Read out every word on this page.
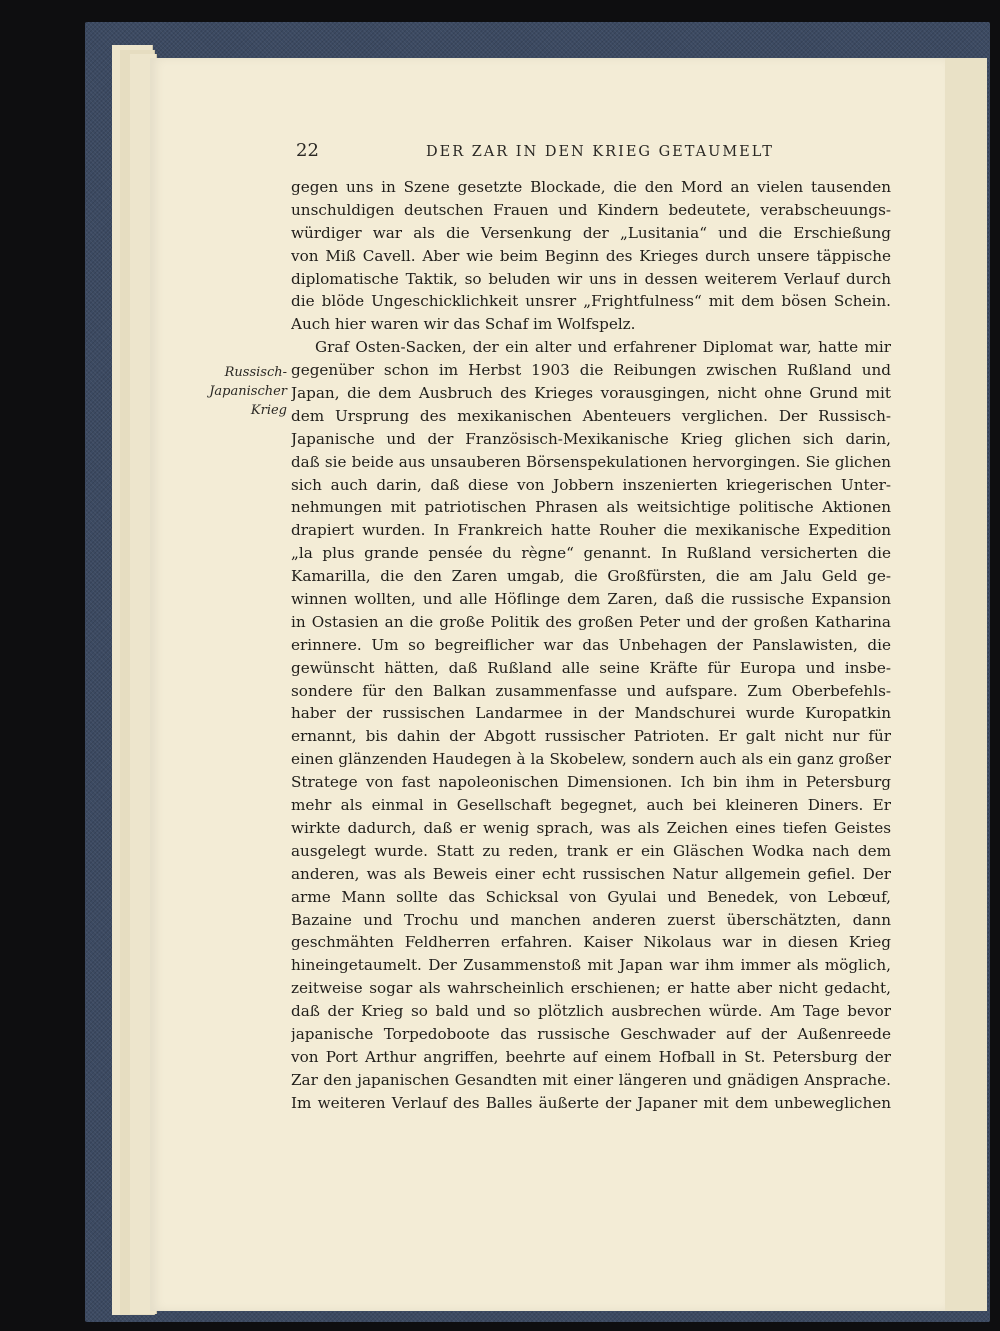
22	DER ZAR IN DEN KRIEG GETAUMELT
Russisch-
Japanischer
Krieg
gegen uns in Szene gesetzte Blockade, die den Mord an vielen tausenden
unschuldigen deutschen Frauen und Kindern bedeutete, verabscheuungs-
würdiger war als die Versenkung der „Lusitania“ und die Erschießung
von Miß Cavell. Aber wie beim Beginn des Krieges durch unsere täppische
diplomatische Taktik, so beluden wir uns in dessen weiterem Verlauf durch
die blöde Ungeschicklichkeit unsrer „Frightfulness“ mit dem bösen Schein.
Auch hier waren wir das Schaf im Wolfspelz.
Graf Osten-Sacken, der ein alter und erfahrener Diplomat war, hatte mir
gegenüber schon im Herbst 1903 die Reibungen zwischen Rußland und
Japan, die dem Ausbruch des Krieges vorausgingen, nicht ohne Grund mit
dem Ursprung des mexikanischen Abenteuers verglichen. Der Russisch-
Japanische und der Französisch-Mexikanische Krieg glichen sich darin,
daß sie beide aus unsauberen Börsenspekulationen hervorgingen. Sie glichen
sich auch darin, daß diese von Jobbern inszenierten kriegerischen Unter-
nehmungen mit patriotischen Phrasen als weitsichtige politische Aktionen
drapiert wurden. In Frankreich hatte Rouher die mexikanische Expedition
„la plus grande pensée du règne“ genannt. In Rußland versicherten die
Kamarilla, die den Zaren umgab, die Großfürsten, die am Jalu Geld ge-
winnen wollten, und alle Höflinge dem Zaren, daß die russische Expansion
in Ostasien an die große Politik des großen Peter und der großen Katharina
erinnere. Um so begreiflicher war das Unbehagen der Panslawisten, die
gewünscht hätten, daß Rußland alle seine Kräfte für Europa und insbe-
sondere für den Balkan zusammenfasse und aufspare. Zum Oberbefehls-
haber der russischen Landarmee in der Mandschurei wurde Kuropatkin
ernannt, bis dahin der Abgott russischer Patrioten. Er galt nicht nur für
einen glänzenden Haudegen à la Skobelew, sondern auch als ein ganz großer
Stratege von fast napoleonischen Dimensionen. Ich bin ihm in Petersburg
mehr als einmal in Gesellschaft begegnet, auch bei kleineren Diners. Er
wirkte dadurch, daß er wenig sprach, was als Zeichen eines tiefen Geistes
ausgelegt wurde. Statt zu reden, trank er ein Gläschen Wodka nach dem
anderen, was als Beweis einer echt russischen Natur allgemein gefiel. Der
arme Mann sollte das Schicksal von Gyulai und Benedek, von Lebœuf,
Bazaine und Trochu und manchen anderen zuerst überschätzten, dann
geschmähten Feldherren erfahren. Kaiser Nikolaus war in diesen Krieg
hineingetaumelt. Der Zusammenstoß mit Japan war ihm immer als möglich,
zeitweise sogar als wahrscheinlich erschienen; er hatte aber nicht gedacht,
daß der Krieg so bald und so plötzlich ausbrechen würde. Am Tage bevor
japanische Torpedoboote das russische Geschwader auf der Außenreede
von Port Arthur angriffen, beehrte auf einem Hofball in St. Petersburg der
Zar den japanischen Gesandten mit einer längeren und gnädigen Ansprache.
Im weiteren Verlauf des Balles äußerte der Japaner mit dem unbeweglichen
